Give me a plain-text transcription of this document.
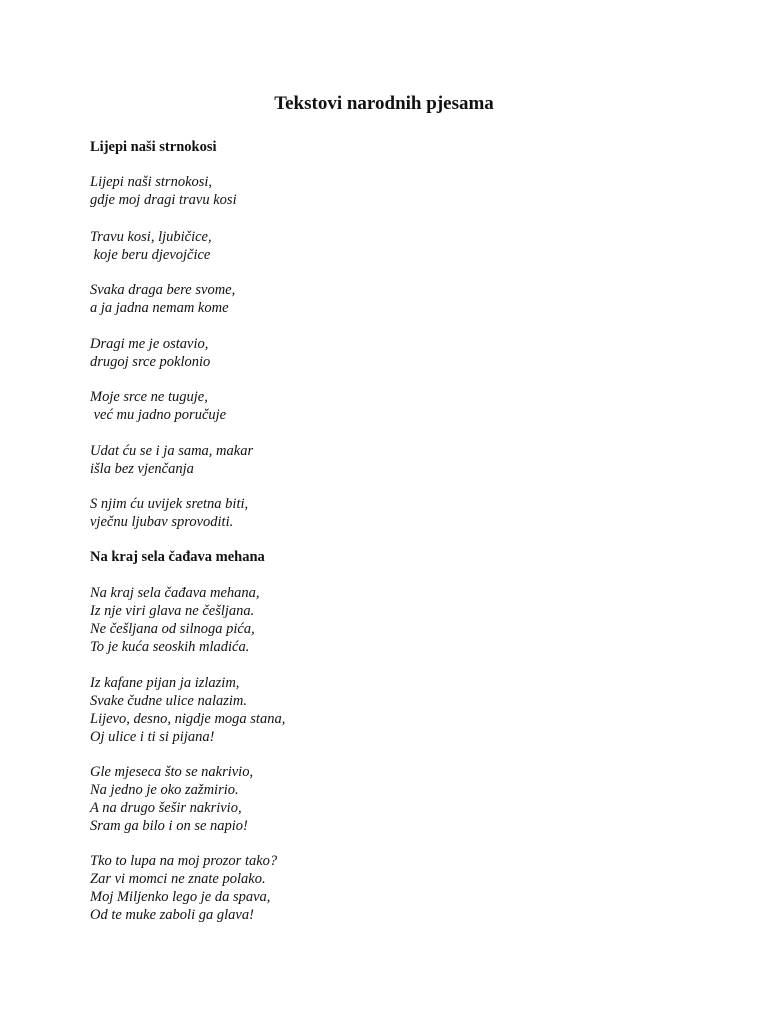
Tekstovi narodnih pjesama
Lijepi naši strnokosi
Lijepi naši strnokosi,
gdje moj dragi travu kosi
Travu kosi, ljubičice,
koje beru djevojčice
Svaka draga bere svome,
a ja jadna nemam kome
Dragi me je ostavio,
drugoj srce poklonio
Moje srce ne tuguje,
već mu jadno poručuje
Udat ću se i ja sama, makar
išla bez vjenčanja
S njim ću uvijek sretna biti,
vječnu ljubav sprovoditi.
Na kraj sela čađava mehana
Na kraj sela čađava mehana,
Iz nje viri glava ne češljana.
Ne češljana od silnoga pića,
To je kuća seoskih mladića.
Iz kafane pijan ja izlazim,
Svake čudne ulice nalazim.
Lijevo, desno, nigdje moga stana,
Oj ulice i ti si pijana!
Gle mjeseca što se nakrivio,
Na jedno je oko zažmirio.
A na drugo šešir nakrivio,
Sram ga bilo i on se napio!
Tko to lupa na moj prozor tako?
Zar vi momci ne znate polako.
Moj Miljenko lego je da spava,
Od te muke zaboli ga glava!
